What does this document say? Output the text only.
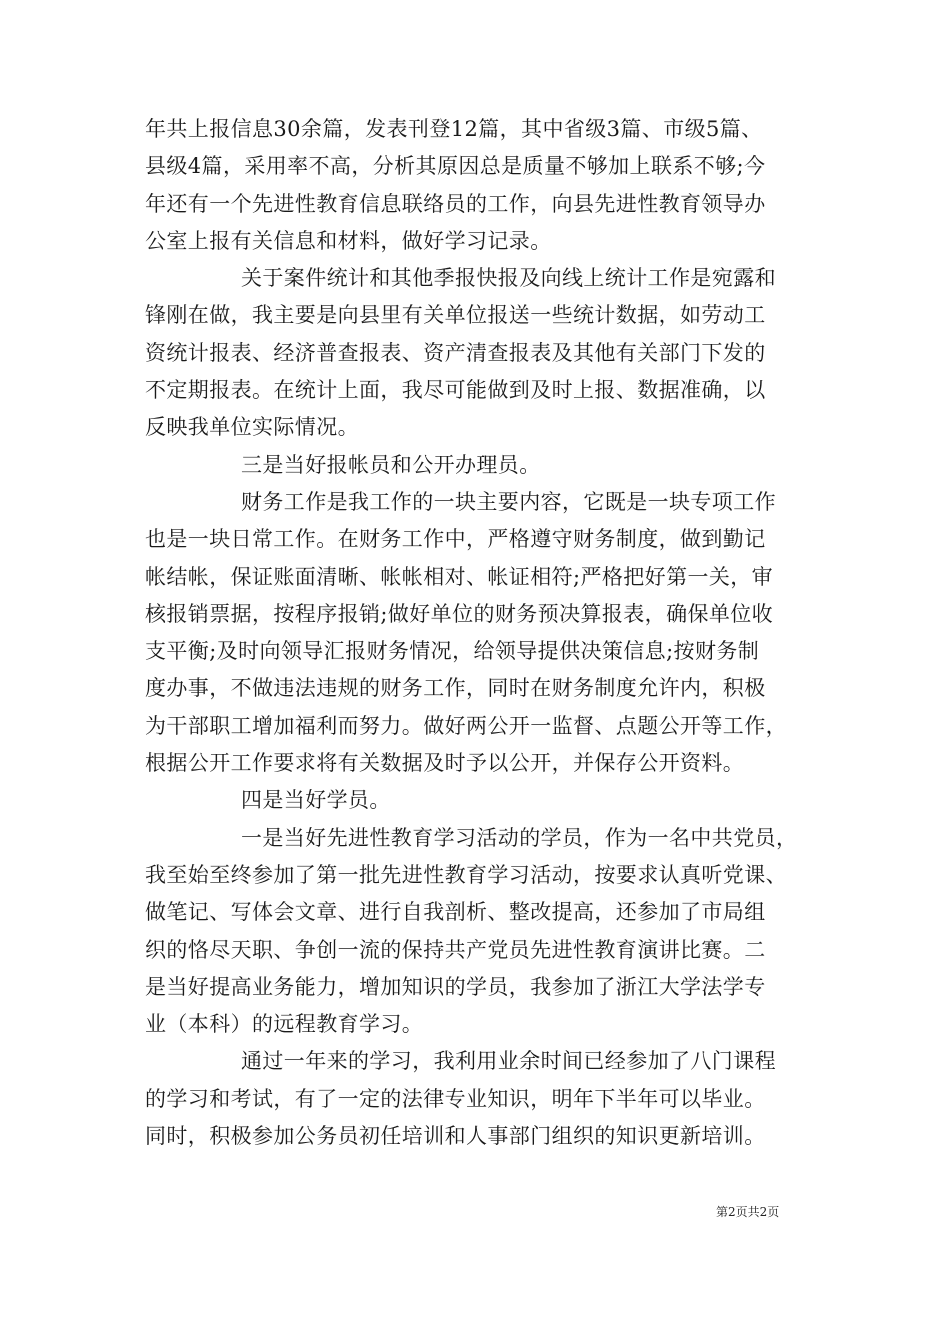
年共上报信息30余篇，发表刊登12篇，其中省级3篇、市级5篇、
县级4篇，采用率不高，分析其原因总是质量不够加上联系不够;今
年还有一个先进性教育信息联络员的工作，向县先进性教育领导办
公室上报有关信息和材料，做好学习记录。
关于案件统计和其他季报快报及向线上统计工作是宛露和
锋刚在做，我主要是向县里有关单位报送一些统计数据，如劳动工
资统计报表、经济普查报表、资产清查报表及其他有关部门下发的
不定期报表。在统计上面，我尽可能做到及时上报、数据准确，以
反映我单位实际情况。
三是当好报帐员和公开办理员。
财务工作是我工作的一块主要内容，它既是一块专项工作
也是一块日常工作。在财务工作中，严格遵守财务制度，做到勤记
帐结帐，保证账面清晰、帐帐相对、帐证相符;严格把好第一关，审
核报销票据，按程序报销;做好单位的财务预决算报表，确保单位收
支平衡;及时向领导汇报财务情况，给领导提供决策信息;按财务制
度办事，不做违法违规的财务工作，同时在财务制度允许内，积极
为干部职工增加福利而努力。做好两公开一监督、点题公开等工作，
根据公开工作要求将有关数据及时予以公开，并保存公开资料。
四是当好学员。
一是当好先进性教育学习活动的学员，作为一名中共党员，
我至始至终参加了第一批先进性教育学习活动，按要求认真听党课、
做笔记、写体会文章、进行自我剖析、整改提高，还参加了市局组
织的恪尽天职、争创一流的保持共产党员先进性教育演讲比赛。二
是当好提高业务能力，增加知识的学员，我参加了浙江大学法学专
业（本科）的远程教育学习。
通过一年来的学习，我利用业余时间已经参加了八门课程
的学习和考试，有了一定的法律专业知识，明年下半年可以毕业。
同时，积极参加公务员初任培训和人事部门组织的知识更新培训。
第2页共2页
